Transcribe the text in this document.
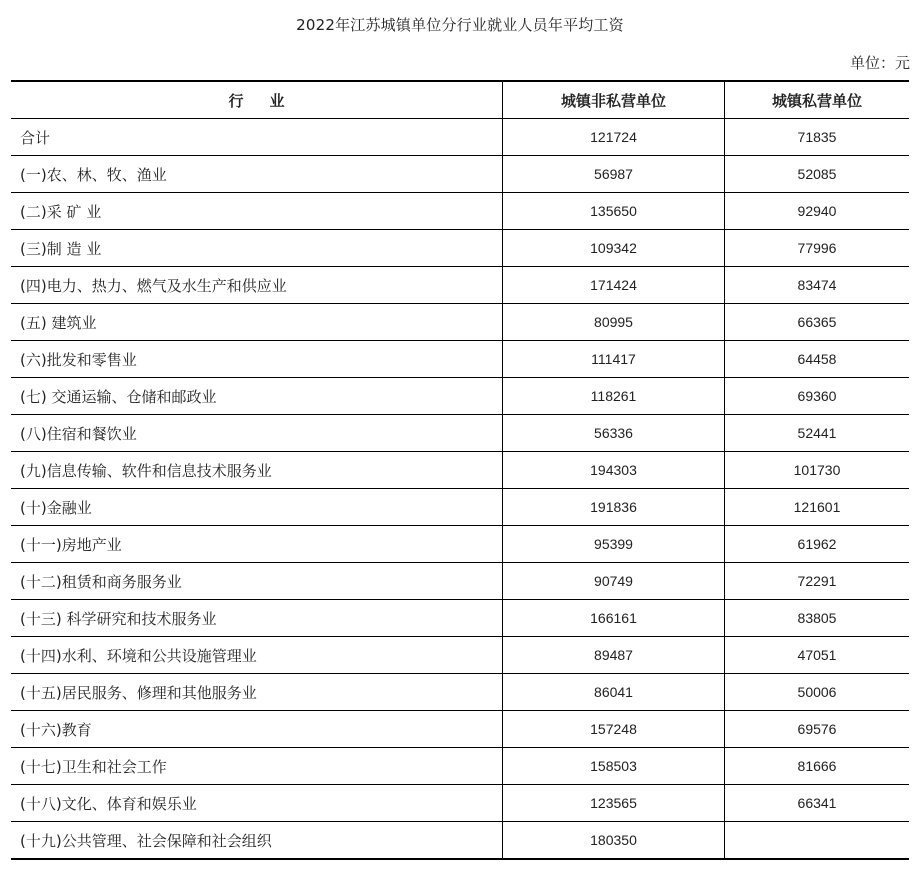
2022年江苏城镇单位分行业就业人员年平均工资
单位：元
行业	城镇非私营单位	城镇私营单位
合计	121724	71835
(一)农、林、牧、渔业	56987	52085
(二)采 矿 业	135650	92940
(三)制 造 业	109342	77996
(四)电力、热力、燃气及水生产和供应业	171424	83474
(五) 建筑业	80995	66365
(六)批发和零售业	111417	64458
(七) 交通运输、仓储和邮政业	118261	69360
(八)住宿和餐饮业	56336	52441
(九)信息传输、软件和信息技术服务业	194303	101730
(十)金融业	191836	121601
(十一)房地产业	95399	61962
(十二)租赁和商务服务业	90749	72291
(十三) 科学研究和技术服务业	166161	83805
(十四)水利、环境和公共设施管理业	89487	47051
(十五)居民服务、修理和其他服务业	86041	50006
(十六)教育	157248	69576
(十七)卫生和社会工作	158503	81666
(十八)文化、体育和娱乐业	123565	66341
(十九)公共管理、社会保障和社会组织	180350	
